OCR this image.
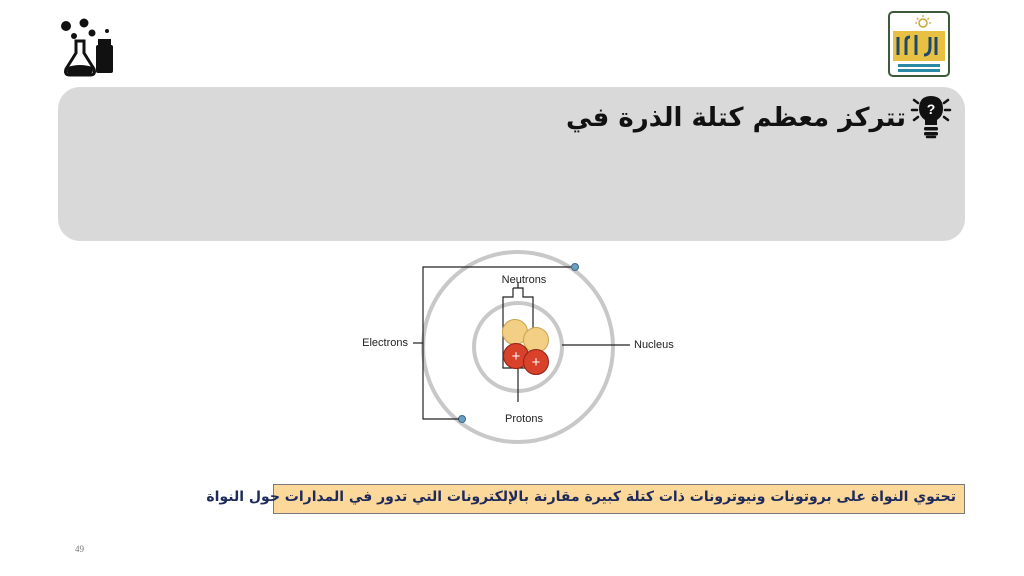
تتركز معظم كتلة الذرة في ?
+ +
Neutrons
Protons
Electrons	Nucleus
تحتوي النواة على بروتونات ونيوترونات ذات كتلة كبيرة مقارنة بالإلكترونات التي تدور في المدارات حول النواة
49
